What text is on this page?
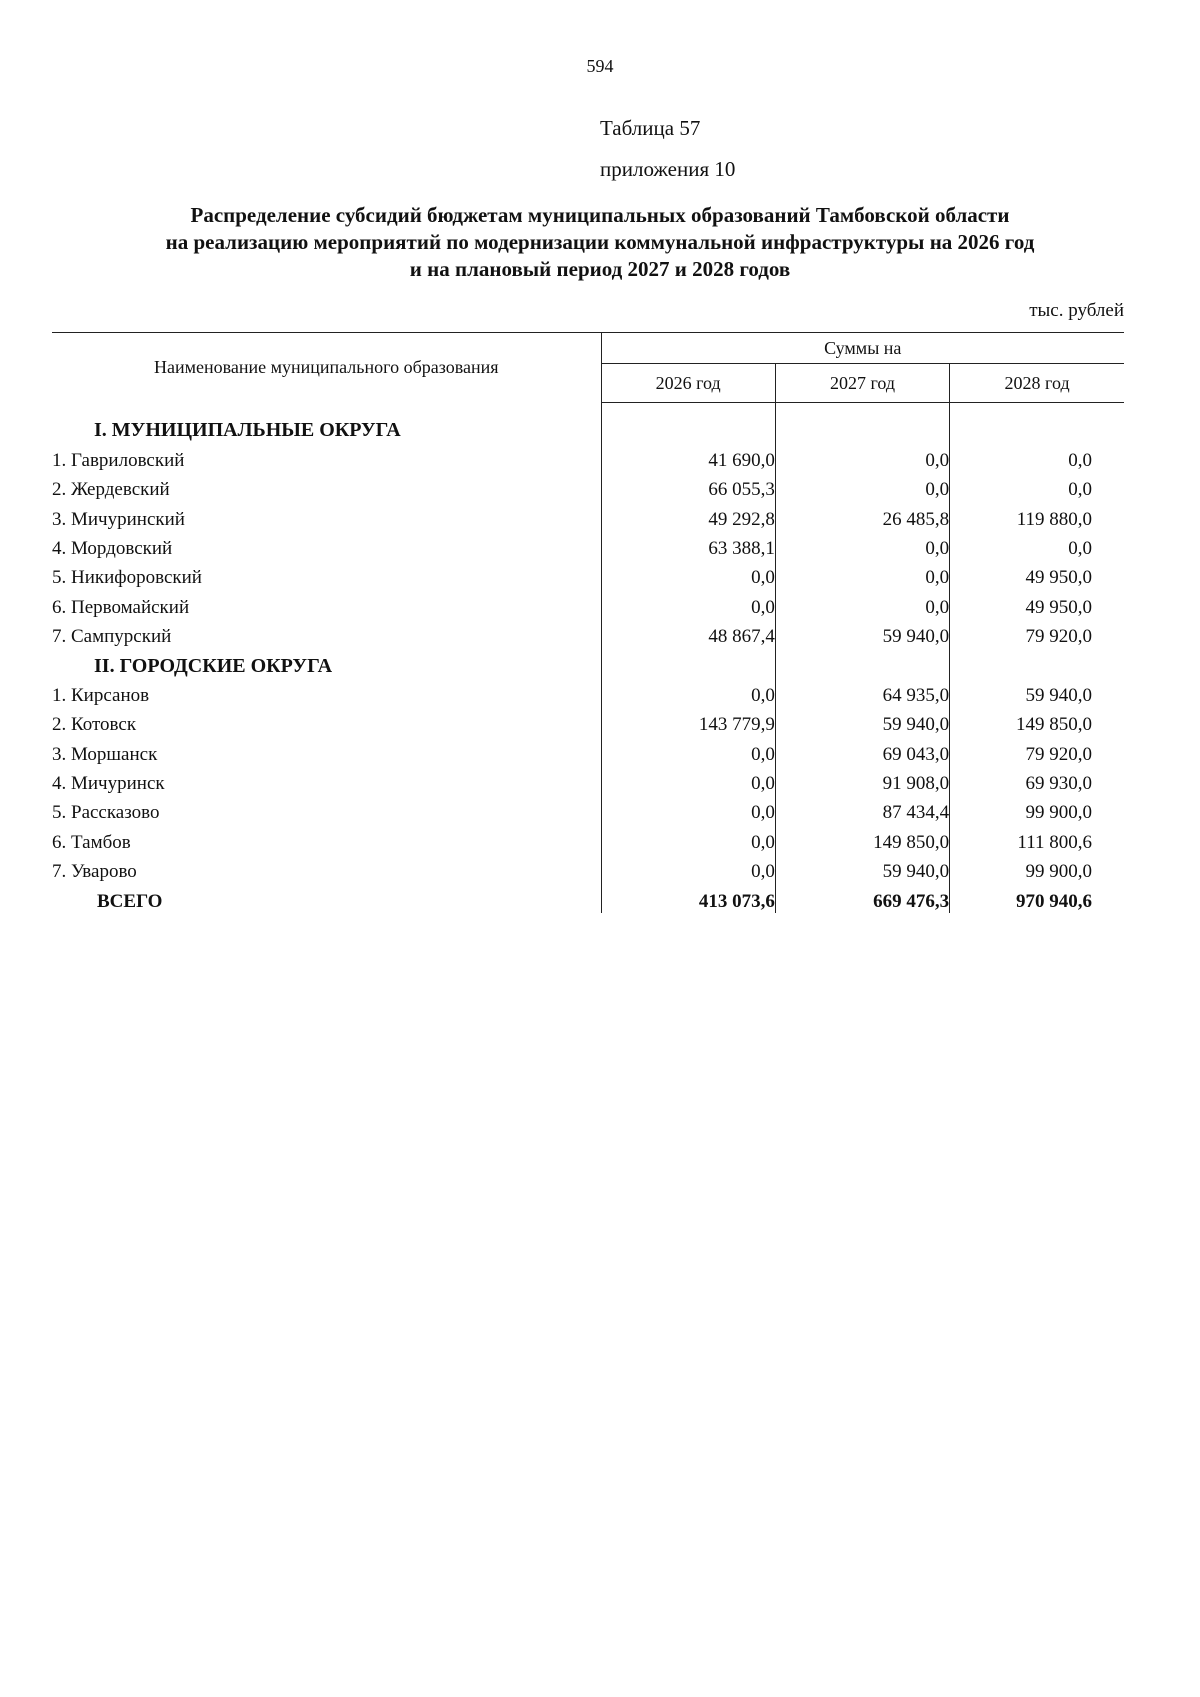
594
Таблица 57
приложения 10
Распределение субсидий бюджетам муниципальных образований Тамбовской области
на реализацию мероприятий по модернизации коммунальной инфраструктуры на 2026 год
и на плановый период 2027 и 2028 годов
тыс. рублей
Наименование муниципального образования	Суммы на		
	2026 год	2027 год	2028 год
I. МУНИЦИПАЛЬНЫЕ ОКРУГА			
1. Гавриловский	41 690,0	0,0	0,0
2. Жердевский	66 055,3	0,0	0,0
3. Мичуринский	49 292,8	26 485,8	119 880,0
4. Мордовский	63 388,1	0,0	0,0
5. Никифоровский	0,0	0,0	49 950,0
6. Первомайский	0,0	0,0	49 950,0
7. Сампурский	48 867,4	59 940,0	79 920,0
II. ГОРОДСКИЕ ОКРУГА			
1. Кирсанов	0,0	64 935,0	59 940,0
2. Котовск	143 779,9	59 940,0	149 850,0
3. Моршанск	0,0	69 043,0	79 920,0
4. Мичуринск	0,0	91 908,0	69 930,0
5. Рассказово	0,0	87 434,4	99 900,0
6. Тамбов	0,0	149 850,0	111 800,6
7. Уварово	0,0	59 940,0	99 900,0
ВСЕГО	413 073,6	669 476,3	970 940,6
